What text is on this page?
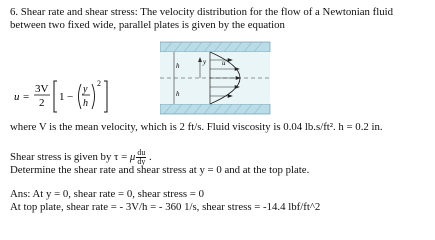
6. Shear rate and shear stress: The velocity distribution for the flow of a Newtonian fluid
between two fixed wide, parallel plates is given by the equation
u =
3V
2 1 −
y
h
2
h
h
y u
where V is the mean velocity, which is 2 ft/s. Fluid viscosity is 0.04 lb.s/ft². h = 0.2 in.
Shear stress is given by τ = μ $\frac{du}{dy}$ .
Determine the shear rate and shear stress at y = 0 and at the top plate.
Ans: At y = 0, shear rate = 0, shear stress = 0
At top plate, shear rate = - 3V/h = - 360 1/s, shear stress = -14.4 lbf/ft^2
